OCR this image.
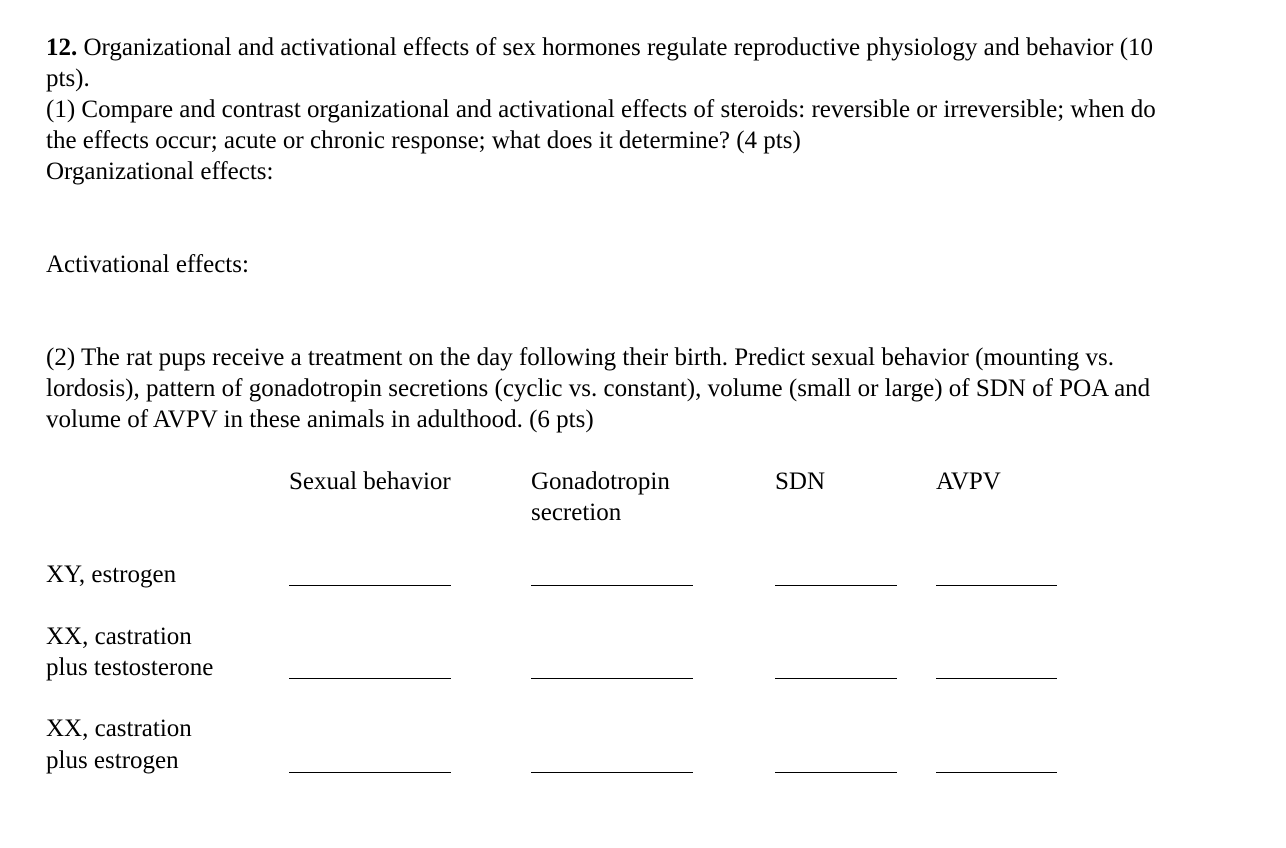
12. Organizational and activational effects of sex hormones regulate reproductive physiology and behavior (10

pts).

(1) Compare and contrast organizational and activational effects of steroids: reversible or irreversible; when do

the effects occur; acute or chronic response; what does it determine? (4 pts)

Organizational effects:

Activational effects:

(2) The rat pups receive a treatment on the day following their birth. Predict sexual behavior (mounting vs.

lordosis), pattern of gonadotropin secretions (cyclic vs. constant), volume (small or large) of SDN of POA and

volume of AVPV in these animals in adulthood. (6 pts)

Sexual behavior	Gonadotropin
secretion
SDN	AVPV
XY, estrogen
XX, castration
plus testosterone
XX, castration
plus estrogen
